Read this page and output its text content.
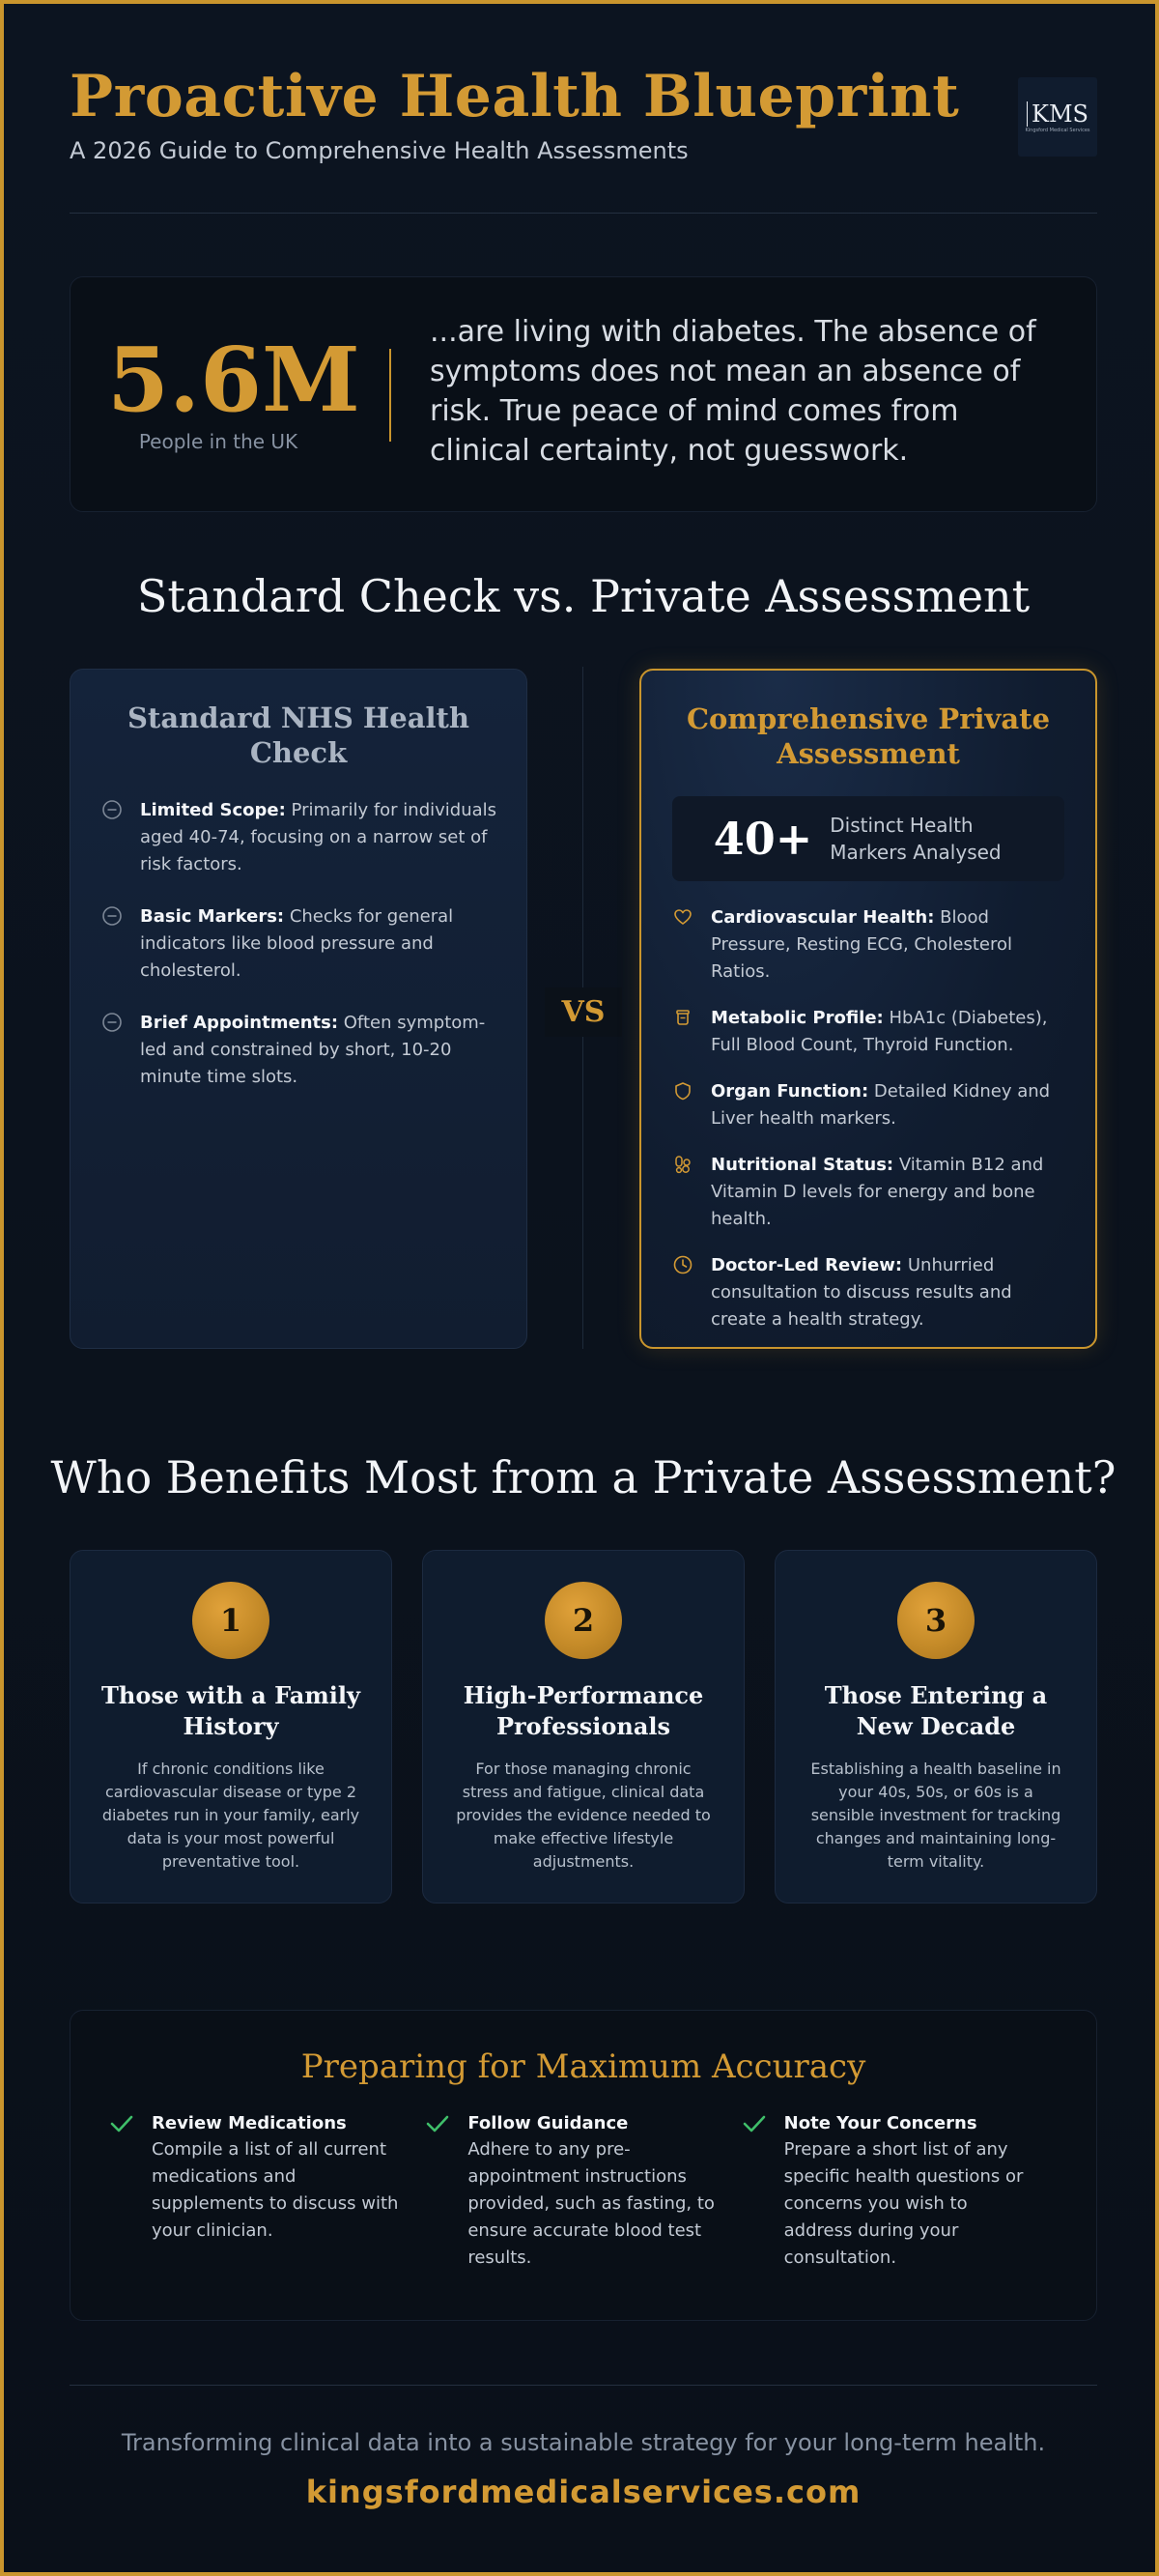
Proactive Health Blueprint
A 2026 Guide to Comprehensive Health Assessments
KMS
Kingsford Medical Services
5.6M
People in the UK
...are living with diabetes. The absence of symptoms does not mean an absence of risk. True peace of mind comes from clinical certainty, not guesswork.
Standard Check vs. Private Assessment
Standard NHS Health Check
Limited Scope: Primarily for individuals aged 40-74, focusing on a narrow set of risk factors.
Basic Markers: Checks for general indicators like blood pressure and cholesterol.
Brief Appointments: Often symptom-led and constrained by short, 10-20 minute time slots.
VS
Comprehensive Private Assessment
40+ Distinct Health Markers Analysed
Cardiovascular Health: Blood Pressure, Resting ECG, Cholesterol Ratios.
Metabolic Profile: HbA1c (Diabetes), Full Blood Count, Thyroid Function.
Organ Function: Detailed Kidney and Liver health markers.
Nutritional Status: Vitamin B12 and Vitamin D levels for energy and bone health.
Doctor-Led Review: Unhurried consultation to discuss results and create a health strategy.
Who Benefits Most from a Private Assessment?
1
Those with a Family History
If chronic conditions like cardiovascular disease or type 2 diabetes run in your family, early data is your most powerful preventative tool.
2
High-Performance Professionals
For those managing chronic stress and fatigue, clinical data provides the evidence needed to make effective lifestyle adjustments.
3
Those Entering a New Decade
Establishing a health baseline in your 40s, 50s, or 60s is a sensible investment for tracking changes and maintaining long-term vitality.
Preparing for Maximum Accuracy
Review Medications
Compile a list of all current medications and supplements to discuss with your clinician.
Follow Guidance
Adhere to any pre-appointment instructions provided, such as fasting, to ensure accurate blood test results.
Note Your Concerns
Prepare a short list of any specific health questions or concerns you wish to address during your consultation.
Transforming clinical data into a sustainable strategy for your long-term health.
kingsfordmedicalservices.com
